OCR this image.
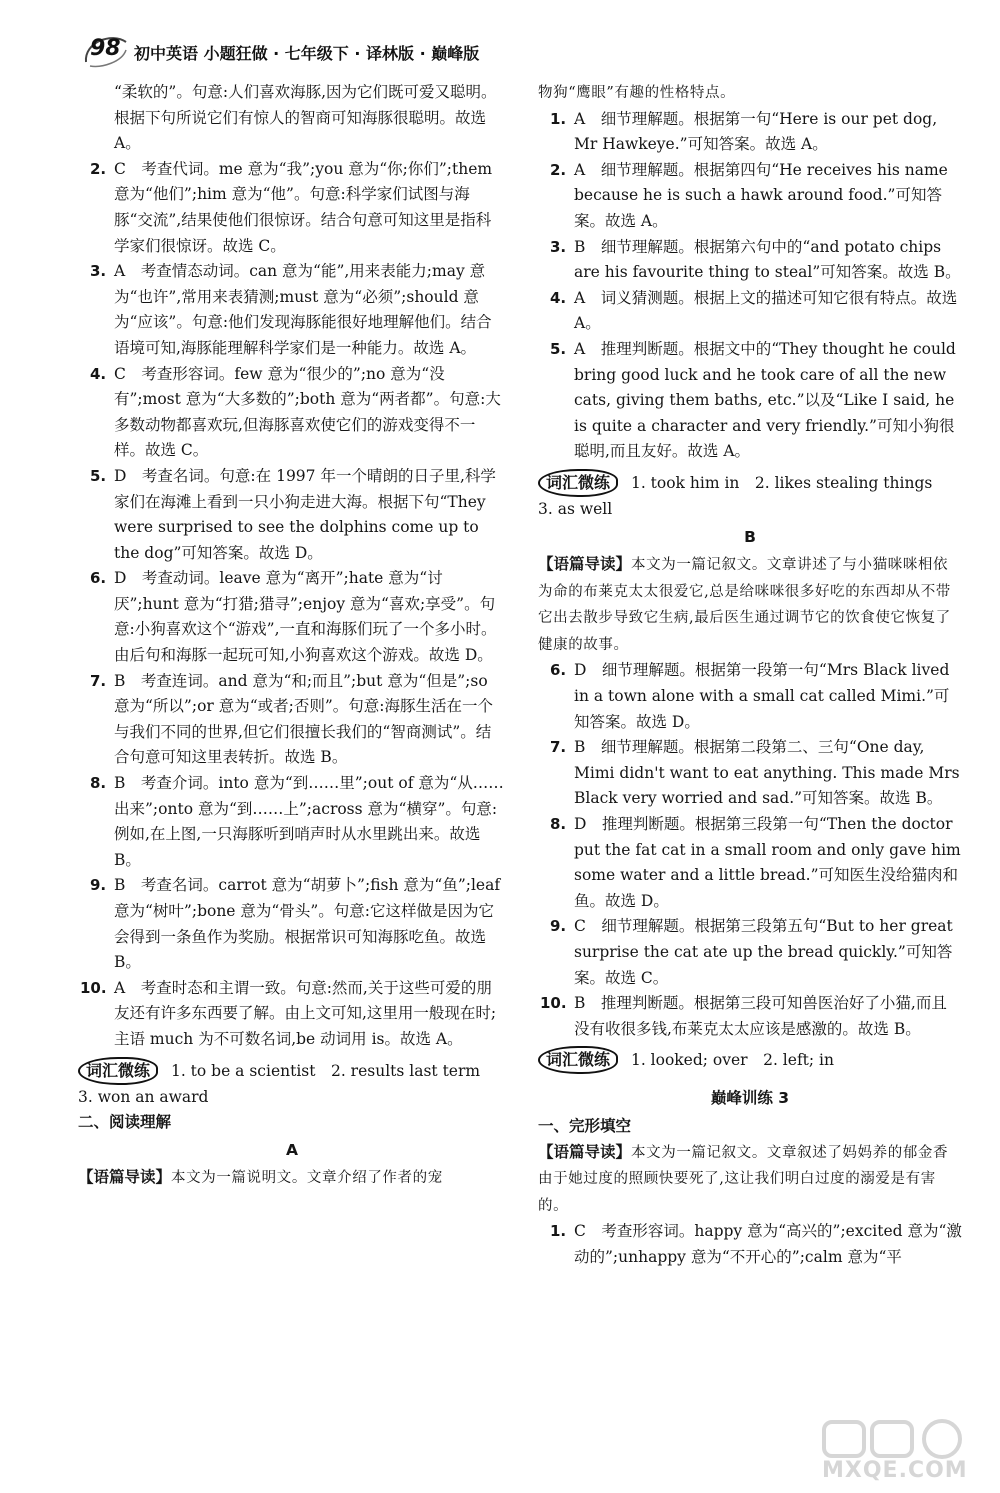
98 初中英语 小题狂做 · 七年级下 · 译林版 · 巅峰版
“柔软的”。句意:人们喜欢海豚,因为它们既可爱又聪明。根据下句所说它们有惊人的智商可知海豚很聪明。故选 A。
2. C　考查代词。me 意为“我”;you 意为“你;你们”;them 意为“他们”;him 意为“他”。句意:科学家们试图与海豚“交流”,结果使他们很惊讶。结合句意可知这里是指科学家们很惊讶。故选 C。
3. A　考查情态动词。can 意为“能”,用来表能力;may 意为“也许”,常用来表猜测;must 意为“必须”;should 意为“应该”。句意:他们发现海豚能很好地理解他们。结合语境可知,海豚能理解科学家们是一种能力。故选 A。
4. C　考查形容词。few 意为“很少的”;no 意为“没有”;most 意为“大多数的”;both 意为“两者都”。句意:大多数动物都喜欢玩,但海豚喜欢使它们的游戏变得不一样。故选 C。
5. D　考查名词。句意:在 1997 年一个晴朗的日子里,科学家们在海滩上看到一只小狗走进大海。根据下句“They were surprised to see the dolphins come up to the dog”可知答案。故选 D。
6. D　考查动词。leave 意为“离开”;hate 意为“讨厌”;hunt 意为“打猎;猎寻”;enjoy 意为“喜欢;享受”。句意:小狗喜欢这个“游戏”,一直和海豚们玩了一个多小时。由后句和海豚一起玩可知,小狗喜欢这个游戏。故选 D。
7. B　考查连词。and 意为“和;而且”;but 意为“但是”;so 意为“所以”;or 意为“或者;否则”。句意:海豚生活在一个与我们不同的世界,但它们很擅长我们的“智商测试”。结合句意可知这里表转折。故选 B。
8. B　考查介词。into 意为“到……里”;out of 意为“从……出来”;onto 意为“到……上”;across 意为“横穿”。句意:例如,在上图,一只海豚听到哨声时从水里跳出来。故选 B。
9. B　考查名词。carrot 意为“胡萝卜”;fish 意为“鱼”;leaf 意为“树叶”;bone 意为“骨头”。句意:它这样做是因为它会得到一条鱼作为奖励。根据常识可知海豚吃鱼。故选 B。
10. A　考查时态和主谓一致。句意:然而,关于这些可爱的朋友还有许多东西要了解。由上文可知,这里用一般现在时;主语 much 为不可数名词,be 动词用 is。故选 A。
词汇微练 1. to be a scientist　2. results last term
3. won an award
二、阅读理解
A
【语篇导读】本文为一篇说明文。文章介绍了作者的宠
物狗“鹰眼”有趣的性格特点。
1. A　细节理解题。根据第一句“Here is our pet dog, Mr Hawkeye.”可知答案。故选 A。
2. A　细节理解题。根据第四句“He receives his name because he is such a hawk around food.”可知答案。故选 A。
3. B　细节理解题。根据第六句中的“and potato chips are his favourite thing to steal”可知答案。故选 B。
4. A　词义猜测题。根据上文的描述可知它很有特点。故选 A。
5. A　推理判断题。根据文中的“They thought he could bring good luck and he took care of all the new cats, giving them baths, etc.”以及“Like I said, he is quite a character and very friendly.”可知小狗很聪明,而且友好。故选 A。
词汇微练 1. took him in　2. likes stealing things
3. as well
B
【语篇导读】本文为一篇记叙文。文章讲述了与小猫咪咪相依为命的布莱克太太很爱它,总是给咪咪很多好吃的东西却从不带它出去散步导致它生病,最后医生通过调节它的饮食使它恢复了健康的故事。
6. D　细节理解题。根据第一段第一句“Mrs Black lived in a town alone with a small cat called Mimi.”可知答案。故选 D。
7. B　细节理解题。根据第二段第二、三句“One day, Mimi didn't want to eat anything. This made Mrs Black very worried and sad.”可知答案。故选 B。
8. D　推理判断题。根据第三段第一句“Then the doctor put the fat cat in a small room and only gave him some water and a little bread.”可知医生没给猫肉和鱼。故选 D。
9. C　细节理解题。根据第三段第五句“But to her great surprise the cat ate up the bread quickly.”可知答案。故选 C。
10. B　推理判断题。根据第三段可知兽医治好了小猫,而且没有收很多钱,布莱克太太应该是感激的。故选 B。
词汇微练 1. looked; over　2. left; in
巅峰训练 3
一、完形填空
【语篇导读】本文为一篇记叙文。文章叙述了妈妈养的郁金香由于她过度的照顾快要死了,这让我们明白过度的溺爱是有害的。
1. C　考查形容词。happy 意为“高兴的”;excited 意为“激动的”;unhappy 意为“不开心的”;calm 意为“平
MXQE.COM
